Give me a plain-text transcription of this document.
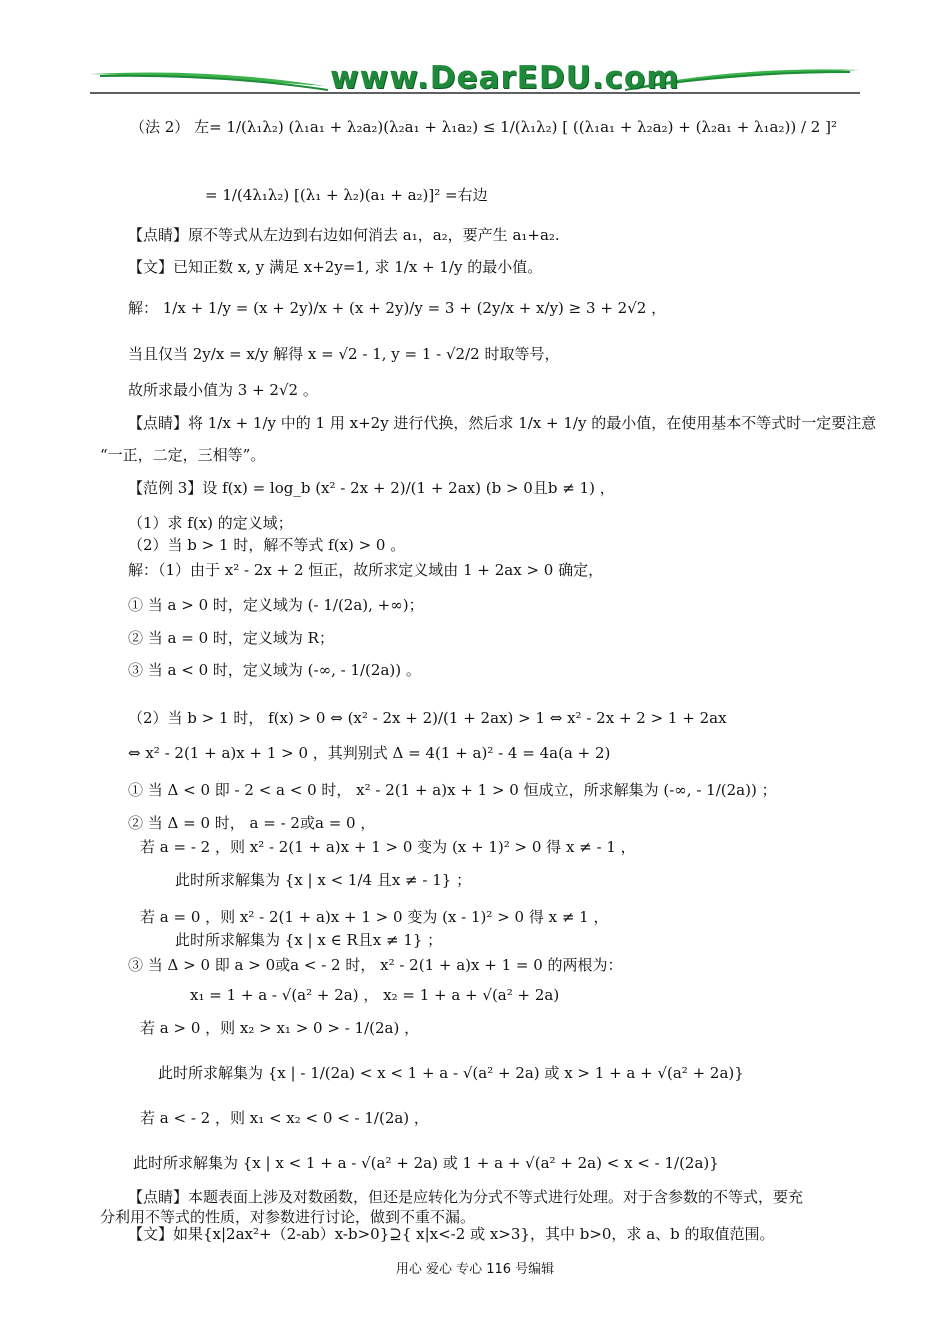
www.DearEDU.com
（法 2） 左= 1/(λ₁λ₂) (λ₁a₁ + λ₂a₂)(λ₂a₁ + λ₁a₂) ≤ 1/(λ₁λ₂) [ ((λ₁a₁ + λ₂a₂) + (λ₂a₁ + λ₁a₂)) / 2 ]²
= 1/(4λ₁λ₂) [(λ₁ + λ₂)(a₁ + a₂)]² =右边
【点睛】原不等式从左边到右边如何消去 a₁，a₂，要产生 a₁+a₂.
【文】已知正数 x, y 满足 x+2y=1, 求 1/x + 1/y 的最小值。
解： 1/x + 1/y = (x + 2y)/x + (x + 2y)/y = 3 + (2y/x + x/y) ≥ 3 + 2√2 ，
当且仅当 2y/x = x/y 解得 x = √2 - 1, y = 1 - √2/2 时取等号，
故所求最小值为 3 + 2√2 。
【点睛】将 1/x + 1/y 中的 1 用 x+2y 进行代换，然后求 1/x + 1/y 的最小值，在使用基本不等式时一定要注意
“一正，二定，三相等”。
【范例 3】设 f(x) = log_b (x² - 2x + 2)/(1 + 2ax) (b > 0且b ≠ 1) ，
（1）求 f(x) 的定义域；
（2）当 b > 1 时，解不等式 f(x) > 0 。
解：（1）由于 x² - 2x + 2 恒正，故所求定义域由 1 + 2ax > 0 确定，
① 当 a > 0 时，定义域为 (- 1/(2a), +∞)；
② 当 a = 0 时，定义域为 R；
③ 当 a < 0 时，定义域为 (-∞, - 1/(2a)) 。
（2）当 b > 1 时， f(x) > 0 ⇔ (x² - 2x + 2)/(1 + 2ax) > 1 ⇔ x² - 2x + 2 > 1 + 2ax
⇔ x² - 2(1 + a)x + 1 > 0 ，其判别式 Δ = 4(1 + a)² - 4 = 4a(a + 2)
① 当 Δ < 0 即 - 2 < a < 0 时， x² - 2(1 + a)x + 1 > 0 恒成立，所求解集为 (-∞, - 1/(2a)) ；
② 当 Δ = 0 时， a = - 2或a = 0 ，
若 a = - 2 ，则 x² - 2(1 + a)x + 1 > 0 变为 (x + 1)² > 0 得 x ≠ - 1 ，
此时所求解集为 {x | x < 1/4 且x ≠ - 1} ；
若 a = 0 ，则 x² - 2(1 + a)x + 1 > 0 变为 (x - 1)² > 0 得 x ≠ 1 ，
此时所求解集为 {x | x ∈ R且x ≠ 1} ；
③ 当 Δ > 0 即 a > 0或a < - 2 时， x² - 2(1 + a)x + 1 = 0 的两根为：
x₁ = 1 + a - √(a² + 2a) ， x₂ = 1 + a + √(a² + 2a)
若 a > 0 ，则 x₂ > x₁ > 0 > - 1/(2a) ，
此时所求解集为 {x | - 1/(2a) < x < 1 + a - √(a² + 2a) 或 x > 1 + a + √(a² + 2a)}
若 a < - 2 ，则 x₁ < x₂ < 0 < - 1/(2a) ，
此时所求解集为 {x | x < 1 + a - √(a² + 2a) 或 1 + a + √(a² + 2a) < x < - 1/(2a)}
【点睛】本题表面上涉及对数函数，但还是应转化为分式不等式进行处理。对于含参数的不等式，要充
分利用不等式的性质，对参数进行讨论，做到不重不漏。
【文】如果{x|2ax²+（2-ab）x-b>0}⊇{ x|x<-2 或 x>3}，其中 b>0，求 a、b 的取值范围。
用心 爱心 专心 116 号编辑
